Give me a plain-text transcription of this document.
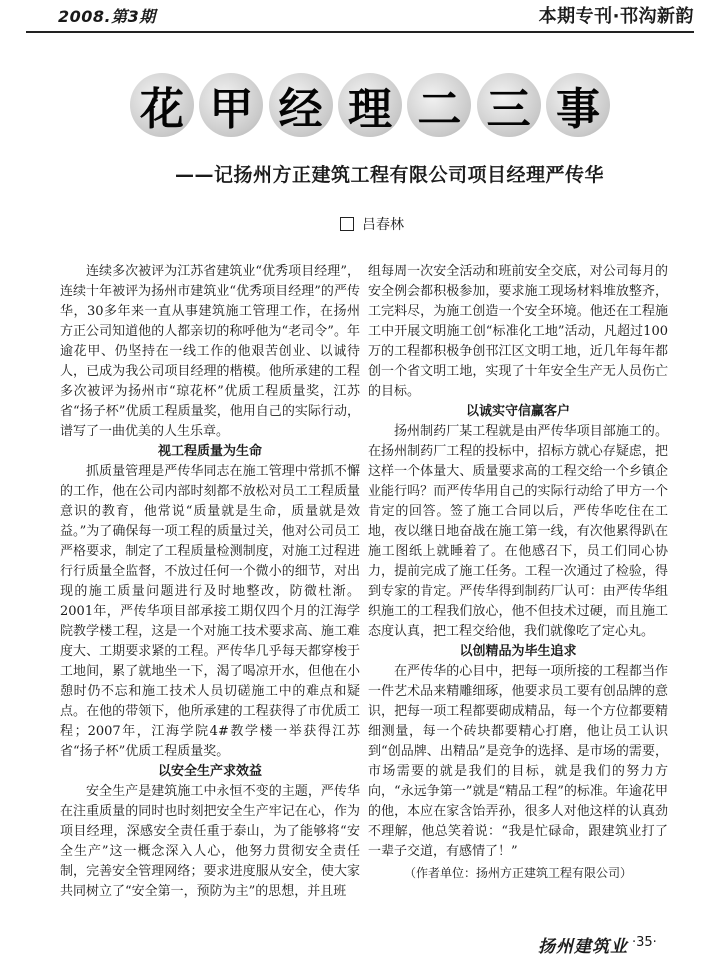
2008.第3期	本期专刊·邗沟新韵
花 甲 经 理 二 三 事
——记扬州方正建筑工程有限公司项目经理严传华
吕春林

连续多次被评为江苏省建筑业“优秀项目经理”，连续十年被评为扬州市建筑业“优秀项目经理”的严传华，30多年来一直从事建筑施工管理工作，在扬州方正公司知道他的人都亲切的称呼他为“老司令”。年逾花甲、仍坚持在一线工作的他艰苦创业、以诚待人，已成为我公司项目经理的楷模。他所承建的工程多次被评为扬州市“琼花杯”优质工程质量奖，江苏省“扬子杯”优质工程质量奖，他用自己的实际行动，谱写了一曲优美的人生乐章。

视工程质量为生命

抓质量管理是严传华同志在施工管理中常抓不懈的工作，他在公司内部时刻都不放松对员工工程质量意识的教育，他常说“质量就是生命，质量就是效益。”为了确保每一项工程的质量过关，他对公司员工严格要求，制定了工程质量检测制度，对施工过程进行行质量全监督，不放过任何一个微小的细节，对出现的施工质量问题进行及时地整改，防微杜渐。2001年，严传华项目部承接工期仅四个月的江海学院教学楼工程，这是一个对施工技术要求高、施工难度大、工期要求紧的工程。严传华几乎每天都穿梭于工地间，累了就地坐一下，渴了喝凉开水，但他在小憩时仍不忘和施工技术人员切磋施工中的难点和疑点。在他的带领下，他所承建的工程获得了市优质工程；2007年，江海学院4#教学楼一举获得江苏省“扬子杯”优质工程质量奖。

以安全生产求效益

安全生产是建筑施工中永恒不变的主题，严传华在注重质量的同时也时刻把安全生产牢记在心，作为项目经理，深感安全责任重于泰山，为了能够将“安全生产”这一概念深入人心，他努力贯彻安全责任制，完善安全管理网络；要求进度服从安全，使大家共同树立了“安全第一，预防为主”的思想，并且班

组每周一次安全活动和班前安全交底，对公司每月的安全例会都积极参加，要求施工现场材料堆放整齐，工完料尽，为施工创造一个安全环境。他还在工程施工中开展文明施工创“标准化工地”活动，凡超过100万的工程都积极争创邗江区文明工地，近几年每年都创一个省文明工地，实现了十年安全生产无人员伤亡的目标。

以诚实守信赢客户

扬州制药厂某工程就是由严传华项目部施工的。在扬州制药厂工程的投标中，招标方就心存疑虑，把这样一个体量大、质量要求高的工程交给一个乡镇企业能行吗？而严传华用自己的实际行动给了甲方一个肯定的回答。签了施工合同以后，严传华吃住在工地，夜以继日地奋战在施工第一线，有次他累得趴在施工图纸上就睡着了。在他感召下，员工们同心协力，提前完成了施工任务。工程一次通过了检验，得到专家的肯定。严传华得到制药厂认可：由严传华组织施工的工程我们放心，他不但技术过硬，而且施工态度认真，把工程交给他，我们就像吃了定心丸。

以创精品为毕生追求

在严传华的心目中，把每一项所接的工程都当作一件艺术品来精雕细琢，他要求员工要有创品牌的意识，把每一项工程都要砌成精品，每一个方位都要精细测量，每一个砖块都要精心打磨，他让员工认识到“创品牌、出精品”是竞争的选择、是市场的需要，市场需要的就是我们的目标，就是我们的努力方向，“永远争第一”就是“精品工程”的标准。年逾花甲的他，本应在家含饴弄孙，很多人对他这样的认真劲不理解，他总笑着说：“我是忙碌命，跟建筑业打了一辈子交道，有感情了！”

（作者单位：扬州方正建筑工程有限公司）

扬州建筑业 ·35·
